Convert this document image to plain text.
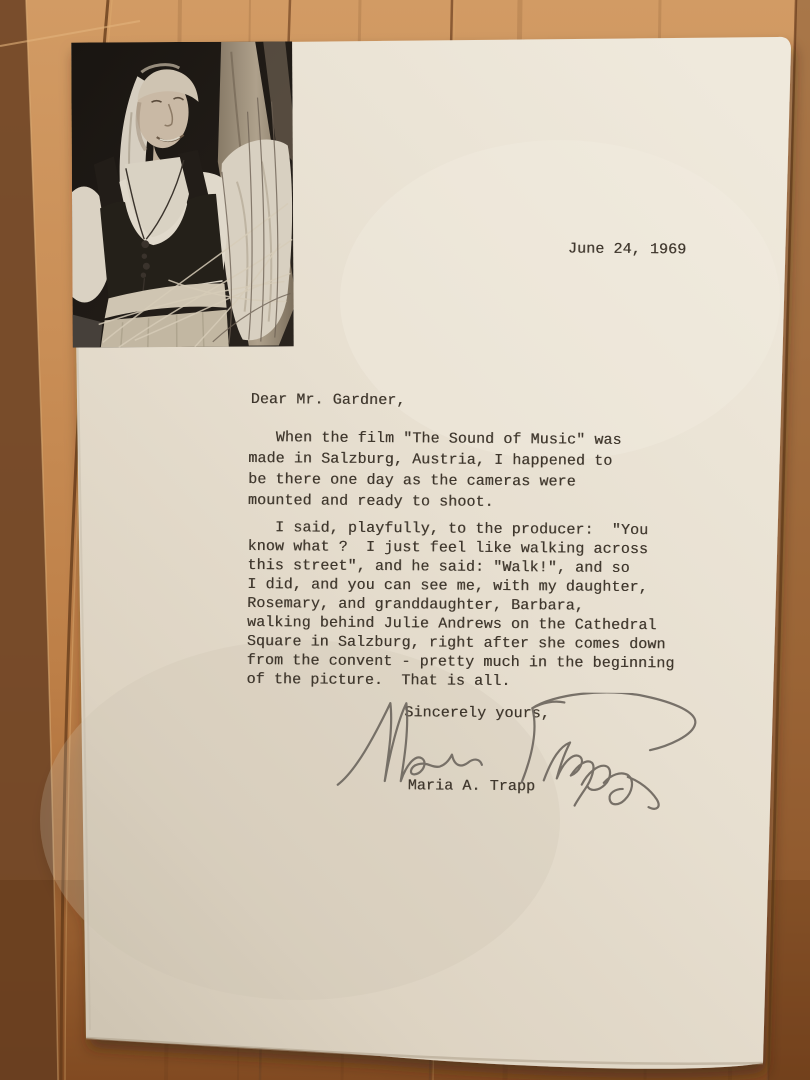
June 24, 1969
Dear Mr. Gardner,
When the film "The Sound of Music" was
made in Salzburg, Austria, I happened to
be there one day as the cameras were
mounted and ready to shoot.
I said, playfully, to the producer:  "You
know what ?  I just feel like walking across
this street", and he said: "Walk!", and so
I did, and you can see me, with my daughter,
Rosemary, and granddaughter, Barbara,
walking behind Julie Andrews on the Cathedral
Square in Salzburg, right after she comes down
from the convent - pretty much in the beginning
of the picture.  That is all.
Sincerely yours,
Maria A. Trapp
